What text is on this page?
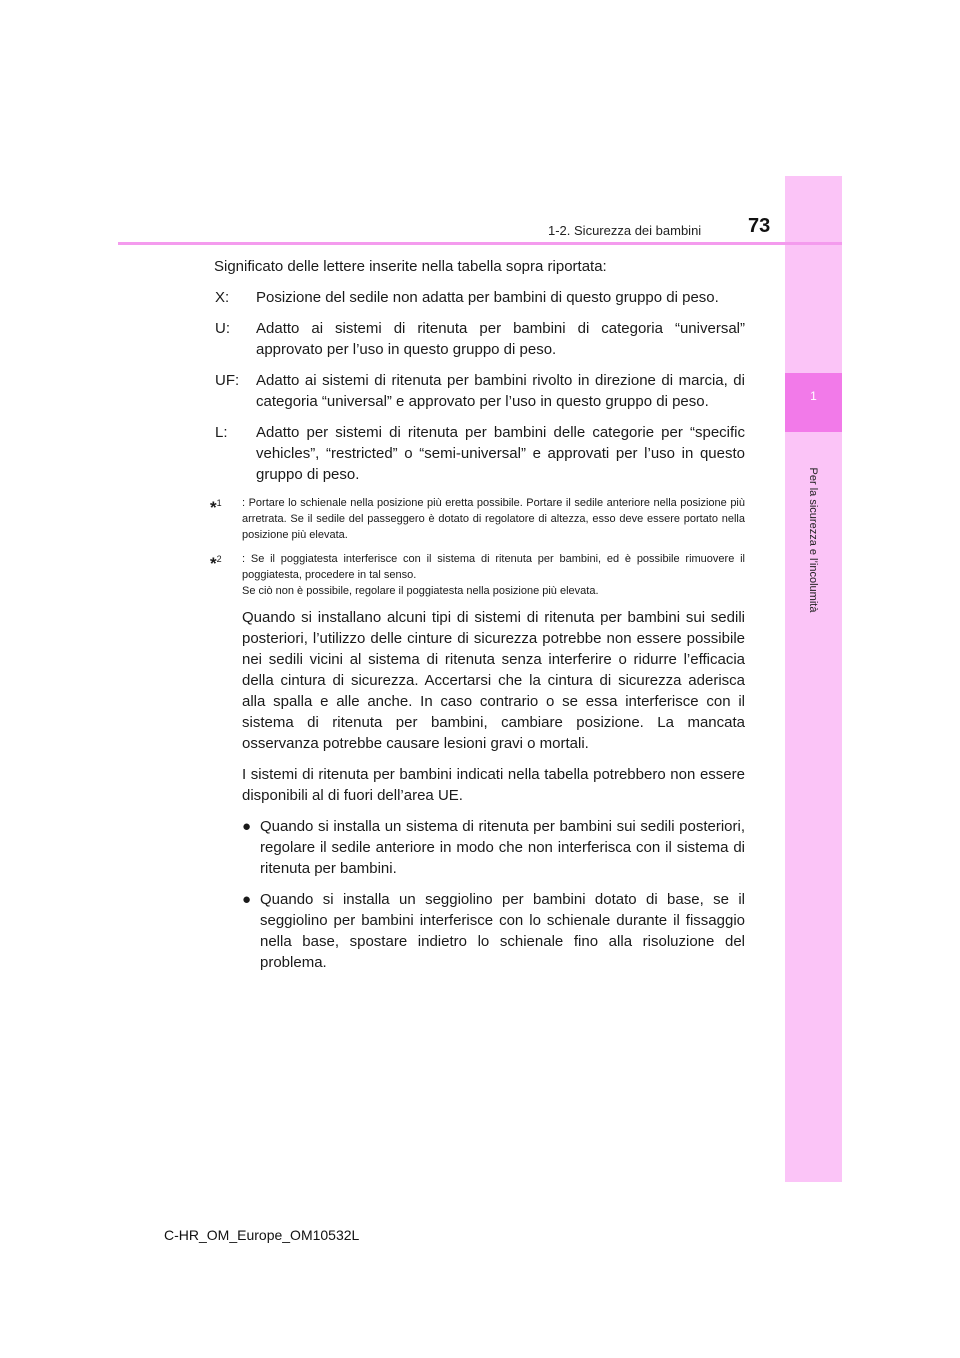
1
Per la sicurezza e l’incolumità
1-2. Sicurezza dei bambini 73

Significato delle lettere inserite nella tabella sopra riportata:

X:	Posizione del sedile non adatta per bambini di questo gruppo di peso.
U:	Adatto ai sistemi di ritenuta per bambini di categoria “universal” approvato per l’uso in questo gruppo di peso.
UF:	Adatto ai sistemi di ritenuta per bambini rivolto in direzione di marcia, di categoria “universal” e approvato per l’uso in questo gruppo di peso.
L:	Adatto per sistemi di ritenuta per bambini delle categorie per “specific vehicles”, “restricted” o “semi-universal” e approvati per l’uso in questo gruppo di peso.
*$^1$	: Portare lo schienale nella posizione più eretta possibile. Portare il sedile anteriore nella posizione più arretrata. Se il sedile del passeggero è dotato di regolatore di altezza, esso deve essere portato nella posizione più elevata.
*$^2$	: Se il poggiatesta interferisce con il sistema di ritenuta per bambini, ed è possibile rimuovere il poggiatesta, procedere in tal senso.
Se ciò non è possibile, regolare il poggiatesta nella posizione più elevata.

Quando si installano alcuni tipi di sistemi di ritenuta per bambini sui sedili posteriori, l’utilizzo delle cinture di sicurezza potrebbe non essere possibile nei sedili vicini al sistema di ritenuta senza interferire o ridurre l’efficacia della cintura di sicurezza. Accertarsi che la cintura di sicurezza aderisca alla spalla e alle anche. In caso contrario o se essa interferisce con il sistema di ritenuta per bambini, cambiare posizione. La mancata osservanza potrebbe causare lesioni gravi o mortali.

I sistemi di ritenuta per bambini indicati nella tabella potrebbero non essere disponibili al di fuori dell’area UE.

● Quando si installa un sistema di ritenuta per bambini sui sedili posteriori, regolare il sedile anteriore in modo che non interferisca con il sistema di ritenuta per bambini.
● Quando si installa un seggiolino per bambini dotato di base, se il seggiolino per bambini interferisce con lo schienale durante il fissaggio nella base, spostare indietro lo schienale fino alla risoluzione del problema.
C-HR_OM_Europe_OM10532L
